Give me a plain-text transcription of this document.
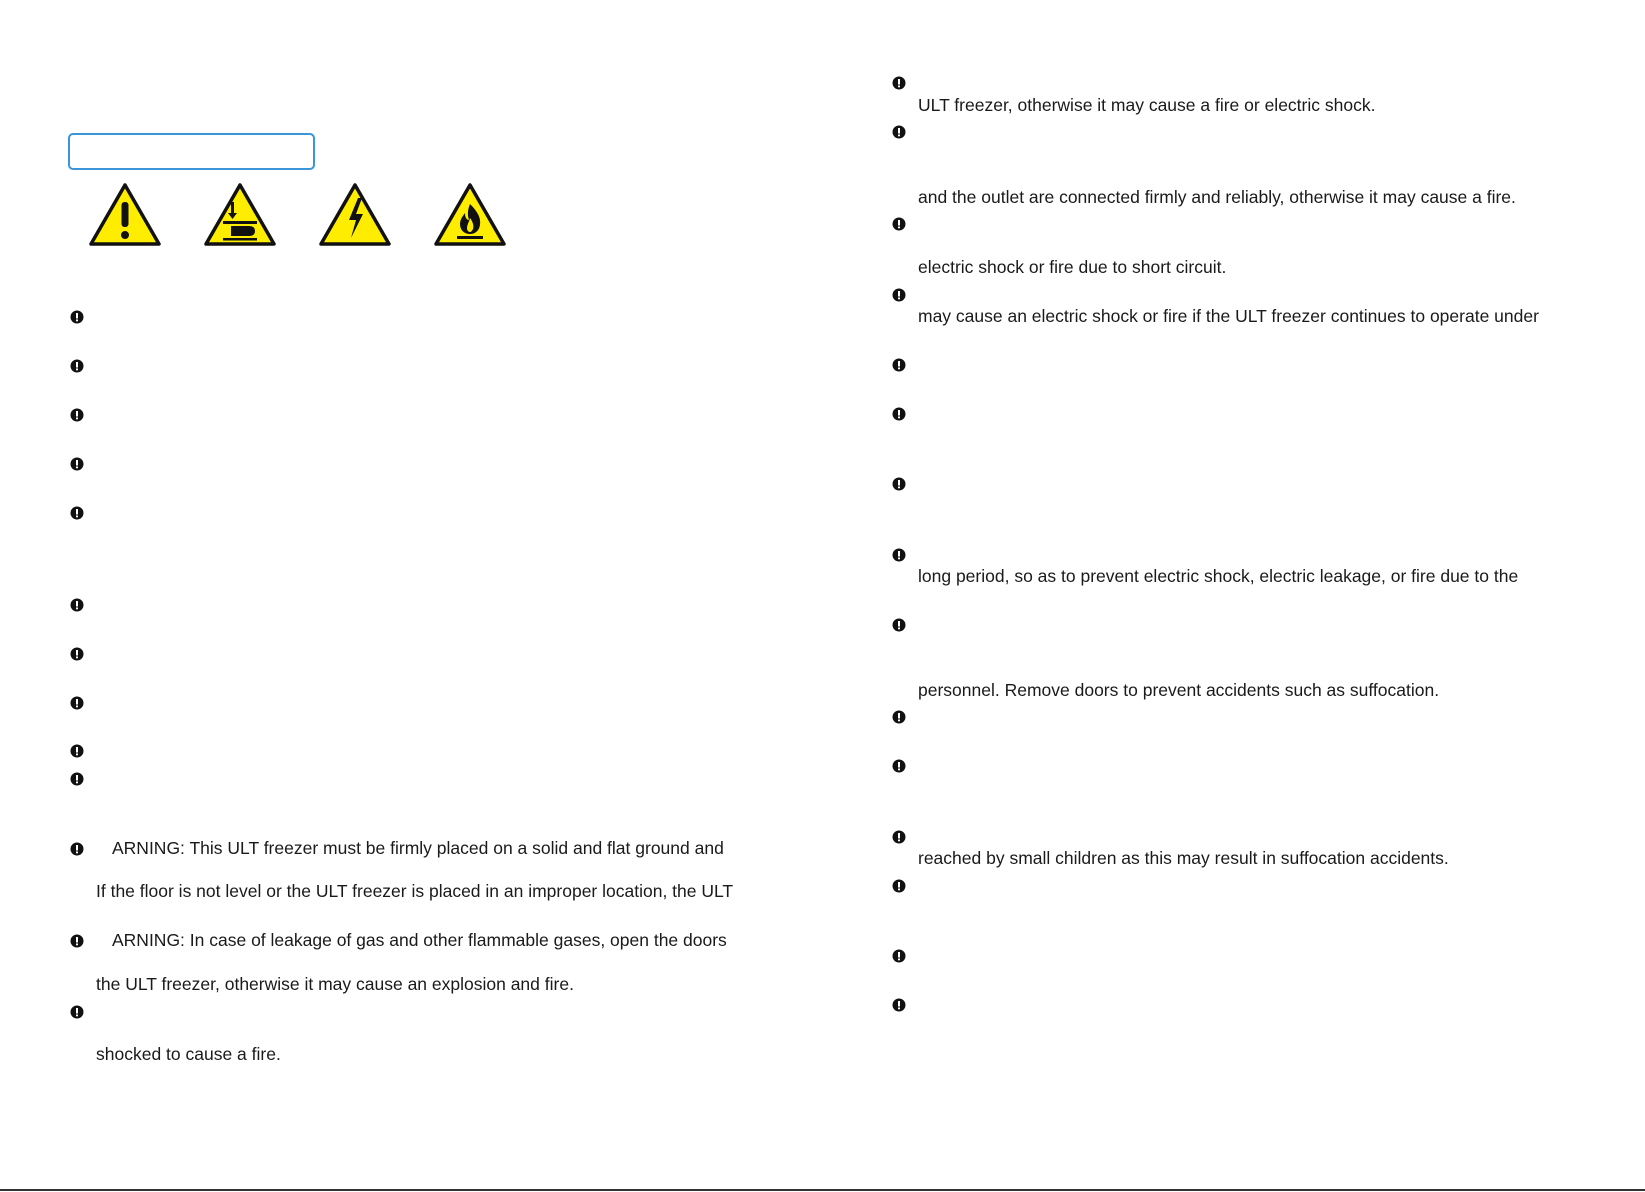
ARNING: This ULT freezer must be firmly placed on a solid and flat ground and
If the floor is not level or the ULT freezer is placed in an improper location, the ULT
ARNING: In case of leakage of gas and other flammable gases, open the doors
the ULT freezer, otherwise it may cause an explosion and fire.
shocked to cause a fire.
ULT freezer, otherwise it may cause a fire or electric shock.
and the outlet are connected firmly and reliably, otherwise it may cause a fire.
electric shock or fire due to short circuit.
may cause an electric shock or fire if the ULT freezer continues to operate under
long period, so as to prevent electric shock, electric leakage, or fire due to the
personnel. Remove doors to prevent accidents such as suffocation.
reached by small children as this may result in suffocation accidents.
